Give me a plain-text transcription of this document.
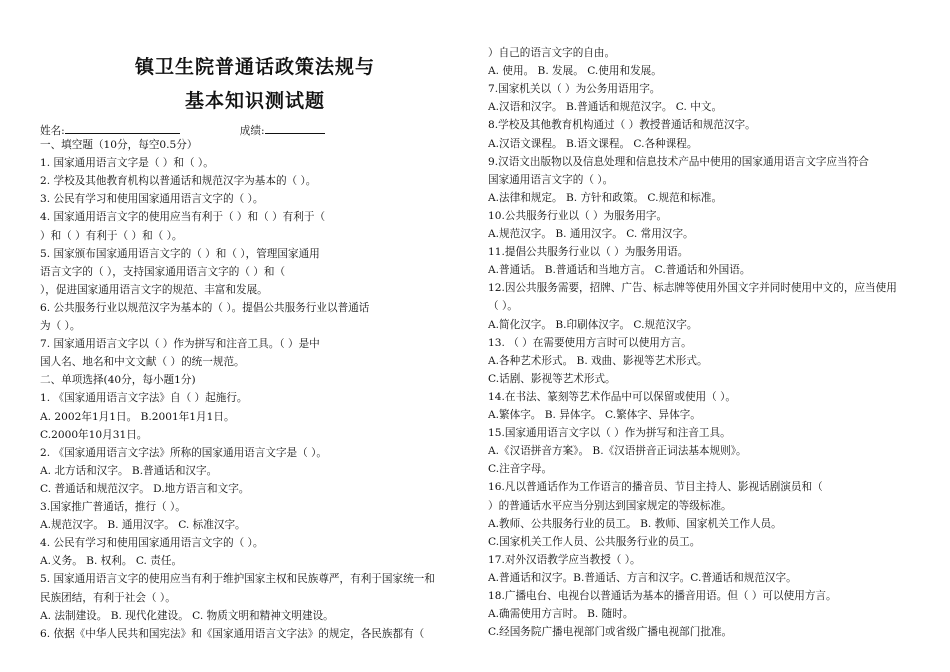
镇卫生院普通话政策法规与
基本知识测试题
姓名:	成绩:
一、填空题（10分，每空0.5分）
1. 国家通用语言文字是（ ）和（ ）。
2. 学校及其他教育机构以普通话和规范汉字为基本的（ ）。
3. 公民有学习和使用国家通用语言文字的（ ）。
4. 国家通用语言文字的使用应当有利于（ ）和（ ）有利于（
）和（ ）有利于（ ）和（ ）。
5. 国家颁布国家通用语言文字的（ ）和（ ），管理国家通用
语言文字的（ ），支持国家通用语言文字的（ ）和（
），促进国家通用语言文字的规范、丰富和发展。
6. 公共服务行业以规范汉字为基本的（ ）。提倡公共服务行业以普通话
为（ ）。
7. 国家通用语言文字以（ ）作为拼写和注音工具。（ ）是中
国人名、地名和中文文献（ ）的统一规范。
二、单项选择(40分，每小题1分)
1. 《国家通用语言文字法》自（ ）起施行。
A. 2002年1月1日。 B.2001年1月1日。
C.2000年10月31日。
2. 《国家通用语言文字法》所称的国家通用语言文字是（ ）。
A. 北方话和汉字。 B.普通话和汉字。
C. 普通话和规范汉字。 D.地方语言和文字。
3.国家推广普通话，推行（ ）。
A.规范汉字。 B. 通用汉字。 C. 标准汉字。
4. 公民有学习和使用国家通用语言文字的（ ）。
A.义务。 B. 权利。 C. 责任。
5. 国家通用语言文字的使用应当有利于维护国家主权和民族尊严，有利于国家统一和
民族团结，有利于社会（ ）。
A. 法制建设。 B. 现代化建设。 C. 物质文明和精神文明建设。
6. 依据《中华人民共和国宪法》和《国家通用语言文字法》的规定，各民族都有（
）自己的语言文字的自由。
A. 使用。 B. 发展。 C.使用和发展。
7.国家机关以（ ）为公务用语用字。
A.汉语和汉字。 B.普通话和规范汉字。 C. 中文。
8.学校及其他教育机构通过（ ）教授普通话和规范汉字。
A.汉语文课程。 B.语文课程。 C.各种课程。
9.汉语文出版物以及信息处理和信息技术产品中使用的国家通用语言文字应当符合
国家通用语言文字的（ ）。
A.法律和规定。 B. 方针和政策。 C.规范和标准。
10.公共服务行业以（ ）为服务用字。
A.规范汉字。 B. 通用汉字。 C. 常用汉字。
11.提倡公共服务行业以（ ）为服务用语。
A.普通话。 B.普通话和当地方言。 C.普通话和外国语。
12.因公共服务需要，招牌、广告、标志牌等使用外国文字并同时使用中文的，应当使用
（ ）。
A.简化汉字。 B.印刷体汉字。 C.规范汉字。
13. （ ）在需要使用方言时可以使用方言。
A.各种艺术形式。 B. 戏曲、影视等艺术形式。
C.话剧、影视等艺术形式。
14.在书法、篆刻等艺术作品中可以保留或使用（ ）。
A.繁体字。 B. 异体字。 C.繁体字、异体字。
15.国家通用语言文字以（ ）作为拼写和注音工具。
A.《汉语拼音方案》。 B.《汉语拼音正词法基本规则》。
C.注音字母。
16.凡以普通话作为工作语言的播音员、节目主持人、影视话剧演员和（
）的普通话水平应当分别达到国家规定的等级标准。
A.教师、公共服务行业的员工。 B. 教师、国家机关工作人员。
C.国家机关工作人员、公共服务行业的员工。
17.对外汉语教学应当教授（ ）。
A.普通话和汉字。B.普通话、方言和汉字。C.普通话和规范汉字。
18.广播电台、电视台以普通话为基本的播音用语。但（ ）可以使用方言。
A.确需使用方言时。 B. 随时。
C.经国务院广播电视部门或省级广播电视部门批准。
